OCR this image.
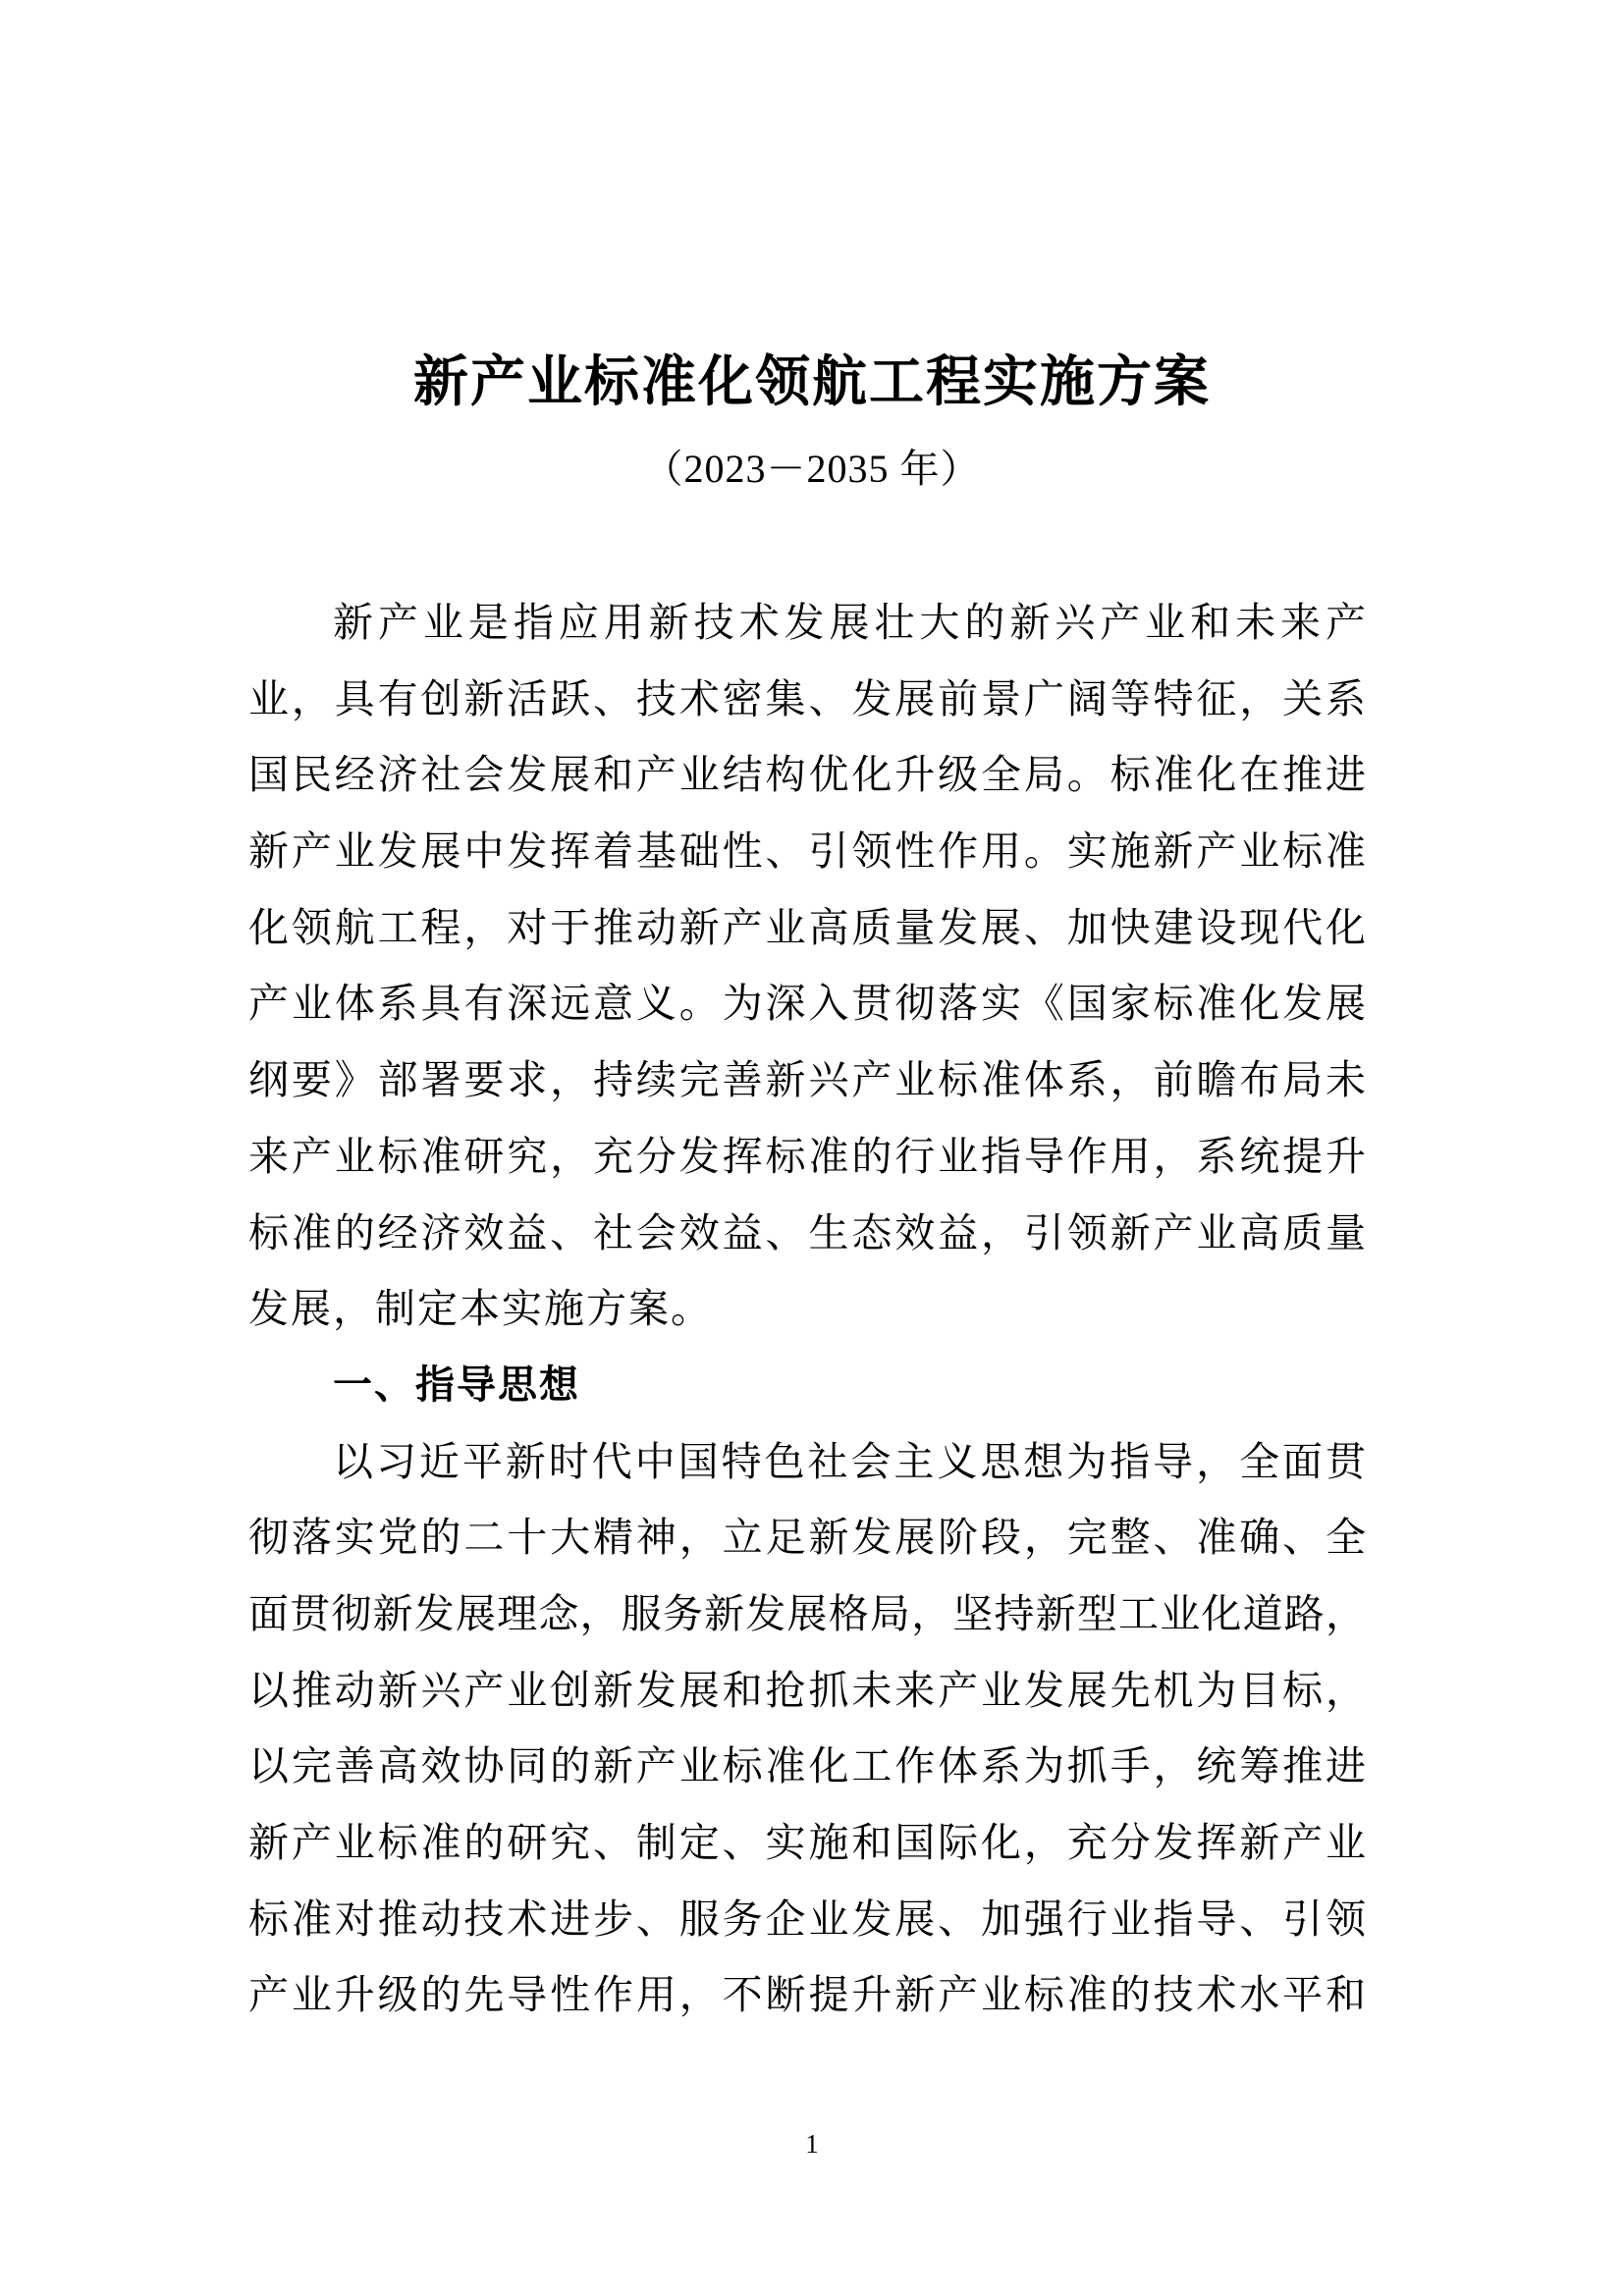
新产业标准化领航工程实施方案
（2023－2035 年）
新产业是指应用新技术发展壮大的新兴产业和未来产
业，具有创新活跃、技术密集、发展前景广阔等特征，关系
国民经济社会发展和产业结构优化升级全局。标准化在推进
新产业发展中发挥着基础性、引领性作用。实施新产业标准
化领航工程，对于推动新产业高质量发展、加快建设现代化
产业体系具有深远意义。为深入贯彻落实《国家标准化发展
纲要》部署要求，持续完善新兴产业标准体系，前瞻布局未
来产业标准研究，充分发挥标准的行业指导作用，系统提升
标准的经济效益、社会效益、生态效益，引领新产业高质量
发展，制定本实施方案。
一、指导思想
以习近平新时代中国特色社会主义思想为指导，全面贯
彻落实党的二十大精神，立足新发展阶段，完整、准确、全
面贯彻新发展理念，服务新发展格局，坚持新型工业化道路，
以推动新兴产业创新发展和抢抓未来产业发展先机为目标，
以完善高效协同的新产业标准化工作体系为抓手，统筹推进
新产业标准的研究、制定、实施和国际化，充分发挥新产业
标准对推动技术进步、服务企业发展、加强行业指导、引领
产业升级的先导性作用，不断提升新产业标准的技术水平和
1
